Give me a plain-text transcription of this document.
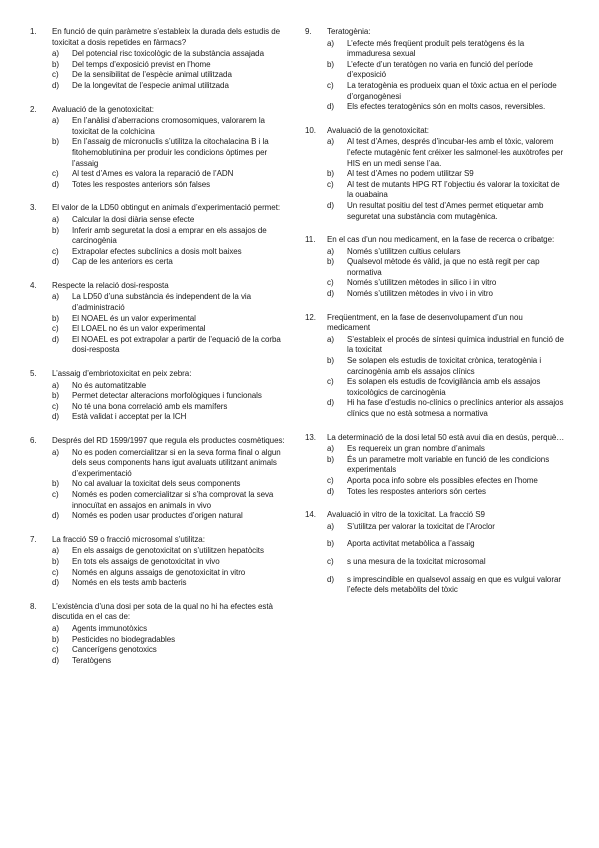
1.	En funció de quin paràmetre s’estableix la durada dels estudis de toxicitat a dosis repetides en fàrmacs?
a)	Del potencial risc toxicològic de la substància assajada
b)	Del temps d’exposició previst en l’home
c)	De la sensibilitat de l’espècie animal utilitzada
d)	De la longevitat de l’especie animal utilitzada
2.	Avaluació de la genotoxicitat:
a)	En l’anàlisi d’aberracions cromosomiques, valorarem la toxicitat de la colchicina
b)	En l’assaig de micronuclis s’utilitza la citochalacina B i la fitohemoblutinina per produir les condicions òptimes per l’assaig
c)	Al test d’Ames es valora la reparació de l’ADN
d)	Totes les respostes anteriors són falses
3.	El valor de la LD50 obtingut en animals d’experimentació permet:
a)	Calcular la dosi diària sense efecte
b)	Inferir amb seguretat la dosi a emprar en els assajos de carcinogènia
c)	Extrapolar efectes subclínics a dosis molt baixes
d)	Cap de les anteriors es certa
4.	Respecte la relació dosi-resposta
a)	La LD50 d’una substància és independent de la via d’administració
b)	El NOAEL és un valor experimental
c)	El LOAEL no és un valor experimental
d)	El NOAEL es pot extrapolar a partir de l’equació de la corba dosi-resposta
5.	L’assaig d’embriotoxicitat en peix zebra:
a)	No és automatitzable
b)	Permet detectar alteracions morfològiques i funcionals
c)	No té una bona correlació amb els mamífers
d)	Està validat i acceptat per la ICH
6.	Després del RD 1599/1997 que regula els productes cosmètiques:
a)	No es poden comercialitzar si en la seva forma final o algun dels seus components hans igut avaluats utilitzant animals d’experimentació
b)	No cal avaluar la toxicitat dels seus components
c)	Només es poden comercialitzar si s’ha comprovat la seva innocuïtat en assajos en animals in vivo
d)	Només es poden usar productes d’origen natural
7.	La fracció S9 o fracció microsomal s’utilitza:
a)	En els assaigs de genotoxicitat on s’utilitzen hepatòcits
b)	En tots els assaigs de genotoxicitat in vivo
c)	Només en alguns assaigs de genotoxicitat in vitro
d)	Només en els tests amb bacteris
8.	L’existència d’una dosi per sota de la qual no hi ha efectes està discutida en el cas de:
a)	Agents immunotòxics
b)	Pesticides no biodegradables
c)	Cancerígens genotoxics
d)	Teratògens
9.	Teratogènia:
a)	L’efecte més freqüent produït pels teratògens és la immaduresa sexual
b)	L’efecte d’un teratògen no varia en funció del període d’exposició
c)	La teratogènia es produeix quan el tòxic actua en el període d’organogènesi
d)	Els efectes teratogènics són en molts casos, reversibles.
10.	Avaluació de la genotoxicitat:
a)	Al test d’Ames, després d’incubar-les amb el tòxic, valorem l’efecte mutagènic fent créixer les salmonel·les auxòtrofes per HIS en un medi sense l’aa.
b)	Al test d’Ames no podem utilitzar S9
c)	Al test de mutants HPG RT l’objectiu és valorar la toxicitat de la ouabaina
d)	Un resultat positiu del test d’Ames permet etiquetar amb seguretat una substància com mutagènica.
11.	En el cas d’un nou medicament, en la fase de recerca o cribatge:
a)	Només s’utilitzen cultius celulars
b)	Qualsevol mètode és vàlid, ja que no està regit per cap normativa
c)	Només s’utilitzen mètodes in silico i in vitro
d)	Només s’utilitzen mètodes in vivo i in vitro
12.	Freqüentment, en la fase de desenvolupament d’un nou medicament
a)	S’estableix el procés de síntesi química industrial en funció de la toxicitat
b)	Se solapen els estudis de toxicitat crònica, teratogènia i carcinogènia amb els assajos clínics
c)	Es solapen els estudis de fcovigilància amb els assajos toxicològics de carcinogènia
d)	Hi ha fase d’estudis no-clínics o preclínics anterior als assajos clínics que no està sotmesa a normativa
13.	La determinació de la dosi letal 50 està avui dia en desús, perquè…
a)	Es requereix un gran nombre d’animals
b)	És un parametre molt variable en funció de les condicions experimentals
c)	Aporta poca info sobre els possibles efectes en l’home
d)	Totes les respostes anteriors són certes
14.	Avaluació in vitro de la toxicitat. La fracció S9
a)	S’utilitza per valorar la toxicitat de l’Aroclor
b)	Aporta activitat metabòlica a l’assaig
c)	s una mesura de la toxicitat microsomal
d)	s imprescindible en qualsevol assaig en que es vulgui valorar l’efecte dels metabòlits del tòxic
